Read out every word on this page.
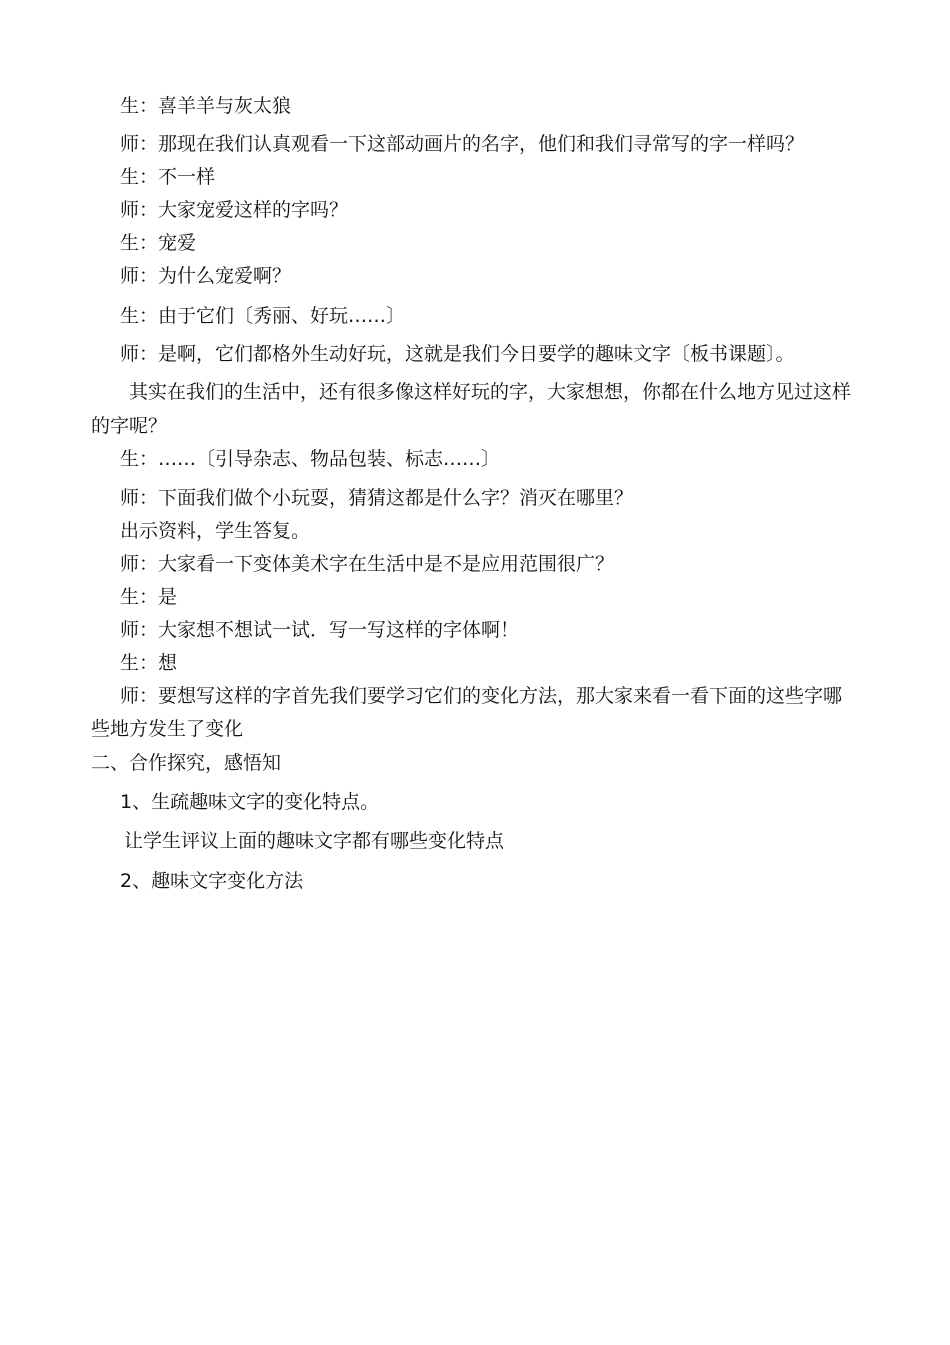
生：喜羊羊与灰太狼
师：那现在我们认真观看一下这部动画片的名字，他们和我们寻常写的字一样吗？
生：不一样
师：大家宠爱这样的字吗？
生：宠爱
师：为什么宠爱啊？
生：由于它们〔秀丽、好玩……〕
师：是啊，它们都格外生动好玩，这就是我们今日要学的趣味文字〔板书课题〕。
其实在我们的生活中，还有很多像这样好玩的字，大家想想，你都在什么地方见过这样
的字呢？
生：……〔引导杂志、物品包装、标志……〕
师：下面我们做个小玩耍，猜猜这都是什么字？消灭在哪里？
出示资料，学生答复。
师：大家看一下变体美术字在生活中是不是应用范围很广？
生：是
师：大家想不想试一试．写一写这样的字体啊！
生：想
师：要想写这样的字首先我们要学习它们的变化方法，那大家来看一看下面的这些字哪
些地方发生了变化
二、合作探究，感悟知
1、生疏趣味文字的变化特点。
让学生评议上面的趣味文字都有哪些变化特点
2、趣味文字变化方法
